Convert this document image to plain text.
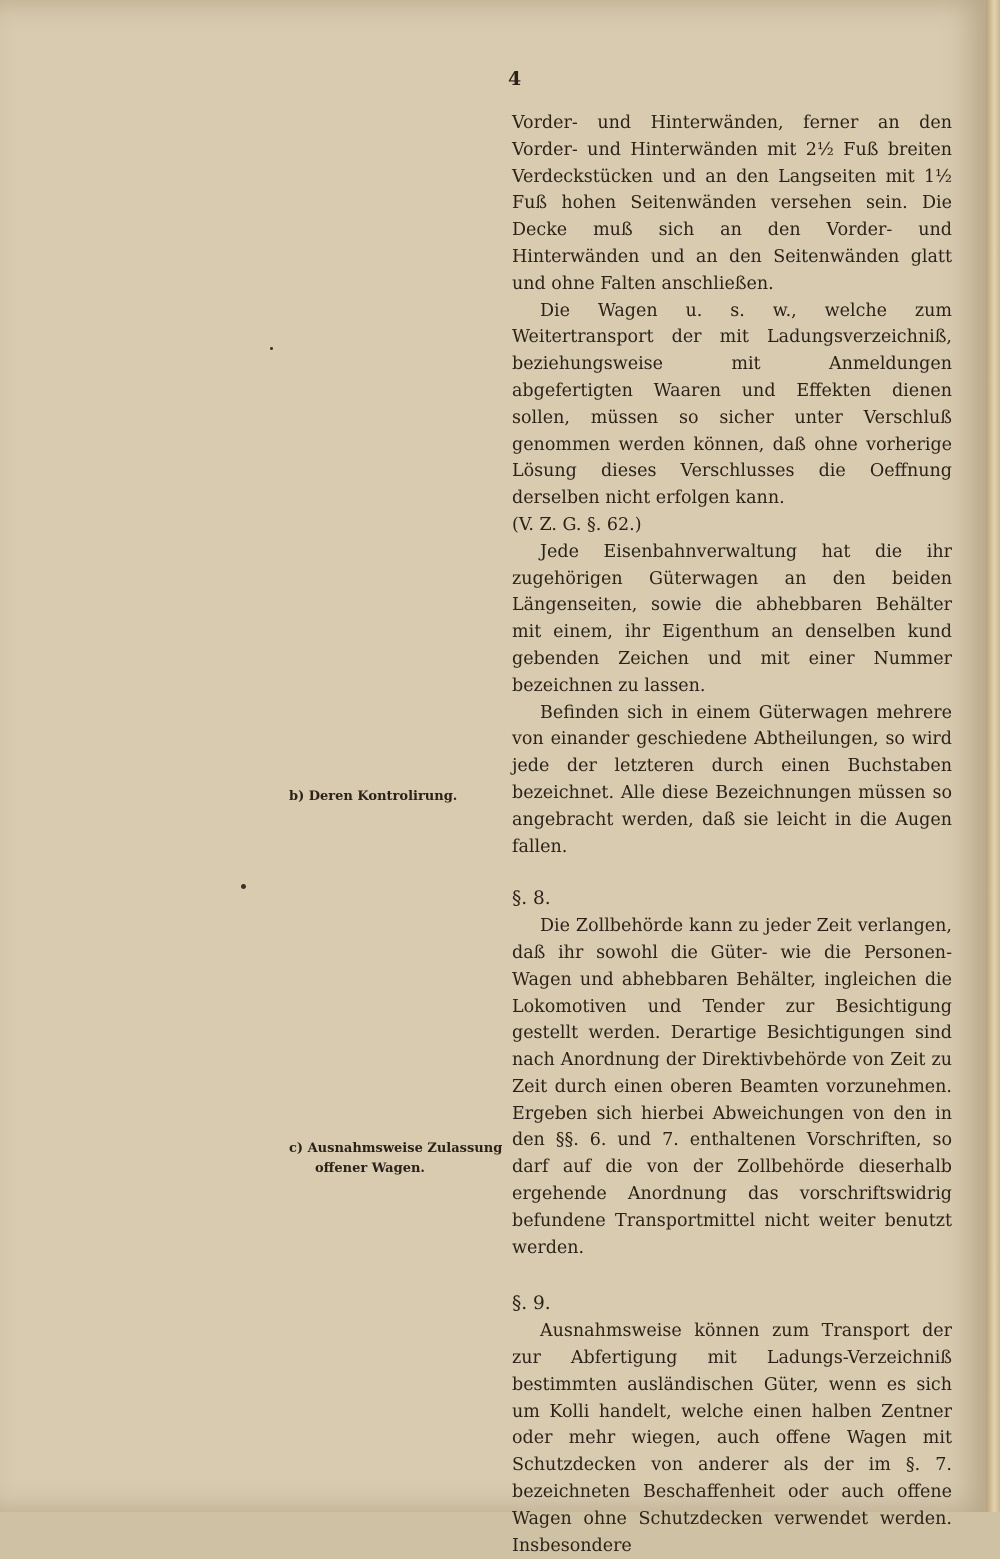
4

Vorder- und Hinterwänden, ferner an den Vorder- und Hinterwänden mit 2½ Fuß breiten Verdeckstücken und an den Langseiten mit 1½ Fuß hohen Seitenwänden versehen sein. Die Decke muß sich an den Vorder- und Hinterwänden und an den Seitenwänden glatt und ohne Falten anschließen.

Die Wagen u. s. w., welche zum Weitertransport der mit Ladungsverzeichniß, beziehungsweise mit Anmeldungen abgefertigten Waaren und Effekten dienen sollen, müssen so sicher unter Verschluß genommen werden können, daß ohne vorherige Lösung dieses Verschlusses die Oeffnung derselben nicht erfolgen kann.

(V. Z. G. §. 62.)

Jede Eisenbahnverwaltung hat die ihr zugehörigen Güterwagen an den beiden Längenseiten, sowie die abhebbaren Behälter mit einem, ihr Eigenthum an denselben kund gebenden Zeichen und mit einer Nummer bezeichnen zu lassen.

Befinden sich in einem Güterwagen mehrere von einander geschiedene Abtheilungen, so wird jede der letzteren durch einen Buchstaben bezeichnet. Alle diese Bezeichnungen müssen so angebracht werden, daß sie leicht in die Augen fallen.

§. 8.

Die Zollbehörde kann zu jeder Zeit verlangen, daß ihr sowohl die Güter- wie die Personen-Wagen und abhebbaren Behälter, ingleichen die Lokomotiven und Tender zur Besichtigung gestellt werden. Derartige Besichtigungen sind nach Anordnung der Direktivbehörde von Zeit zu Zeit durch einen oberen Beamten vorzunehmen. Ergeben sich hierbei Abweichungen von den in den §§. 6. und 7. enthaltenen Vorschriften, so darf auf die von der Zollbehörde dieserhalb ergehende Anordnung das vorschriftswidrig befundene Transportmittel nicht weiter benutzt werden.

§. 9.

Ausnahmsweise können zum Transport der zur Abfertigung mit Ladungs-Verzeichniß bestimmten ausländischen Güter, wenn es sich um Kolli handelt, welche einen halben Zentner oder mehr wiegen, auch offene Wagen mit Schutzdecken von anderer als der im §. 7. bezeichneten Beschaffenheit oder auch offene Wagen ohne Schutzdecken verwendet werden. Insbesondere

b) Deren Kontrolirung.
c) Ausnahmsweise Zulassung
offener Wagen.
